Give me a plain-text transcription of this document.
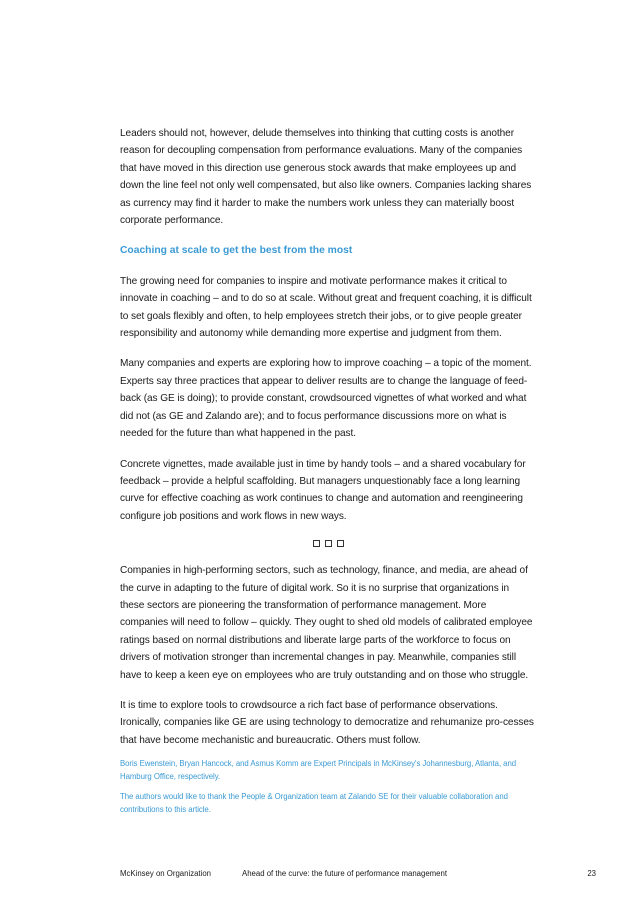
Leaders should not, however, delude themselves into thinking that cutting costs is another reason for decoupling compensation from performance evaluations. Many of the companies that have moved in this direction use generous stock awards that make employees up and down the line feel not only well compensated, but also like owners. Companies lacking shares as currency may find it harder to make the numbers work unless they can materially boost corporate performance.

Coaching at scale to get the best from the most

The growing need for companies to inspire and motivate performance makes it critical to innovate in coaching – and to do so at scale. Without great and frequent coaching, it is difficult to set goals flexibly and often, to help employees stretch their jobs, or to give people greater responsibility and autonomy while demanding more expertise and judgment from them.

Many companies and experts are exploring how to improve coaching – a topic of the moment. Experts say three practices that appear to deliver results are to change the language of feed-back (as GE is doing); to provide constant, crowdsourced vignettes of what worked and what did not (as GE and Zalando are); and to focus performance discussions more on what is needed for the future than what happened in the past.

Concrete vignettes, made available just in time by handy tools – and a shared vocabulary for feedback – provide a helpful scaffolding. But managers unquestionably face a long learning curve for effective coaching as work continues to change and automation and reengineering configure job positions and work flows in new ways.

Companies in high-performing sectors, such as technology, finance, and media, are ahead of the curve in adapting to the future of digital work. So it is no surprise that organizations in these sectors are pioneering the transformation of performance management. More companies will need to follow – quickly. They ought to shed old models of calibrated employee ratings based on normal distributions and liberate large parts of the workforce to focus on drivers of motivation stronger than incremental changes in pay. Meanwhile, companies still have to keep a keen eye on employees who are truly outstanding and on those who struggle.

It is time to explore tools to crowdsource a rich fact base of performance observations. Ironically, companies like GE are using technology to democratize and rehumanize pro-cesses that have become mechanistic and bureaucratic. Others must follow.

Boris Ewenstein, Bryan Hancock, and Asmus Komm are Expert Principals in McKinsey's Johannesburg, Atlanta, and Hamburg Office, respectively.

The authors would like to thank the People & Organization team at Zalando SE for their valuable collaboration and contributions to this article.

McKinsey on Organization	Ahead of the curve: the future of performance management	23
